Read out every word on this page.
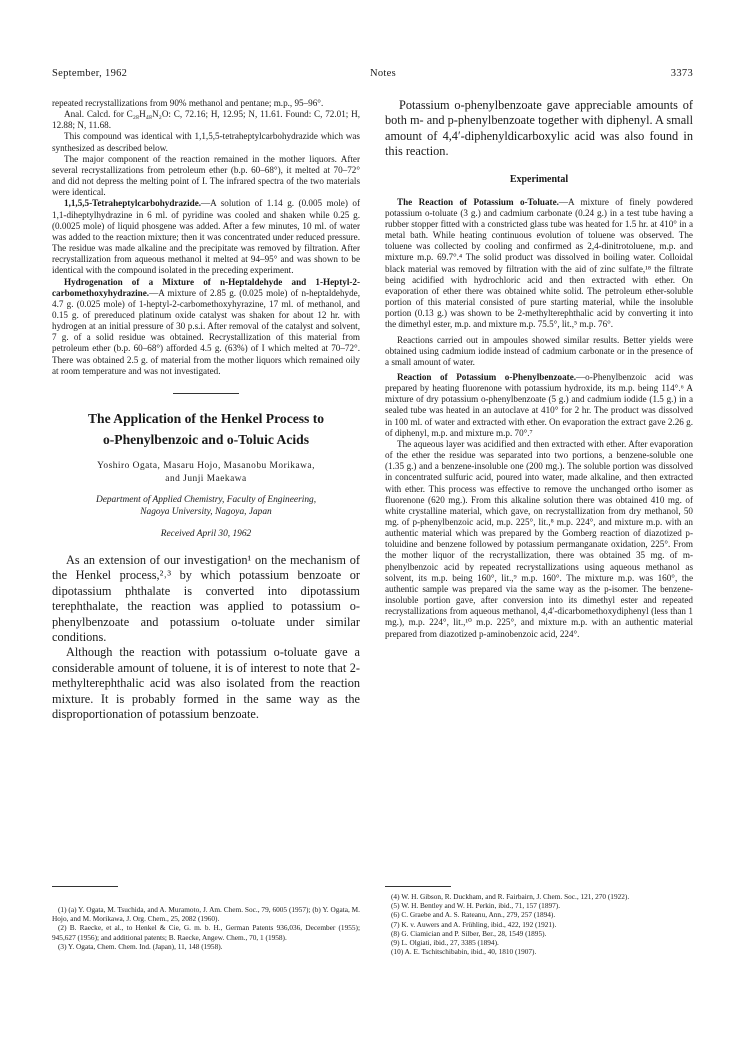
September, 1962	Notes	3373

repeated recrystallizations from 90% methanol and pentane; m.p., 95–96°.

Anal. Calcd. for C₂₈H₄₈N₂O: C, 72.16; H, 12.95; N, 11.61. Found: C, 72.01; H, 12.88; N, 11.68.

This compound was identical with 1,1,5,5-tetraheptylcarbohydrazide which was synthesized as described below.

The major component of the reaction remained in the mother liquors. After several recrystallizations from petroleum ether (b.p. 60–68°), it melted at 70–72° and did not depress the melting point of I. The infrared spectra of the two materials were identical.

1,1,5,5-Tetraheptylcarbohydrazide.—A solution of 1.14 g. (0.005 mole) of 1,1-diheptylhydrazine in 6 ml. of pyridine was cooled and shaken while 0.25 g. (0.0025 mole) of liquid phosgene was added. After a few minutes, 10 ml. of water was added to the reaction mixture; then it was concentrated under reduced pressure. The residue was made alkaline and the precipitate was removed by filtration. After recrystallization from aqueous methanol it melted at 94–95° and was shown to be identical with the compound isolated in the preceding experiment.

Hydrogenation of a Mixture of n-Heptaldehyde and 1-Heptyl-2-carbomethoxyhydrazine.—A mixture of 2.85 g. (0.025 mole) of n-heptaldehyde, 4.7 g. (0.025 mole) of 1-heptyl-2-carbomethoxyhyrazine, 17 ml. of methanol, and 0.15 g. of prereduced platinum oxide catalyst was shaken for about 12 hr. with hydrogen at an initial pressure of 30 p.s.i. After removal of the catalyst and solvent, 7 g. of a solid residue was obtained. Recrystallization of this material from petroleum ether (b.p. 60–68°) afforded 4.5 g. (63%) of I which melted at 70–72°. There was obtained 2.5 g. of material from the mother liquors which remained oily at room temperature and was not investigated.

The Application of the Henkel Process to
o-Phenylbenzoic and o-Toluic Acids
Yoshiro Ogata, Masaru Hojo, Masanobu Morikawa,
and Junji Maekawa
Department of Applied Chemistry, Faculty of Engineering,
Nagoya University, Nagoya, Japan
Received April 30, 1962

As an extension of our investigation¹ on the mechanism of the Henkel process,²˒³ by which potassium benzoate or dipotassium phthalate is converted into dipotassium terephthalate, the reaction was applied to potassium o-phenylbenzoate and potassium o-toluate under similar conditions.

Although the reaction with potassium o-toluate gave a considerable amount of toluene, it is of interest to note that 2-methylterephthalic acid was also isolated from the reaction mixture. It is probably formed in the same way as the disproportionation of potassium benzoate.

Potassium o-phenylbenzoate gave appreciable amounts of both m- and p-phenylbenzoate together with diphenyl. A small amount of 4,4′-diphenyldicarboxylic acid was also found in this reaction.

Experimental

The Reaction of Potassium o-Toluate.—A mixture of finely powdered potassium o-toluate (3 g.) and cadmium carbonate (0.24 g.) in a test tube having a rubber stopper fitted with a constricted glass tube was heated for 1.5 hr. at 410° in a metal bath. While heating continuous evolution of toluene was observed. The toluene was collected by cooling and confirmed as 2,4-dinitrotoluene, m.p. and mixture m.p. 69.7°.⁴ The solid product was dissolved in boiling water. Colloidal black material was removed by filtration with the aid of zinc sulfate,¹⁸ the filtrate being acidified with hydrochloric acid and then extracted with ether. On evaporation of ether there was obtained white solid. The petroleum ether-soluble portion of this material consisted of pure starting material, while the insoluble portion (0.13 g.) was shown to be 2-methylterephthalic acid by converting it into the dimethyl ester, m.p. and mixture m.p. 75.5°, lit.,⁵ m.p. 76°.

Reactions carried out in ampoules showed similar results. Better yields were obtained using cadmium iodide instead of cadmium carbonate or in the presence of a small amount of water.

Reaction of Potassium o-Phenylbenzoate.—o-Phenylbenzoic acid was prepared by heating fluorenone with potassium hydroxide, its m.p. being 114°.⁶ A mixture of dry potassium o-phenylbenzoate (5 g.) and cadmium iodide (1.5 g.) in a sealed tube was heated in an autoclave at 410° for 2 hr. The product was dissolved in 100 ml. of water and extracted with ether. On evaporation the extract gave 2.26 g. of diphenyl, m.p. and mixture m.p. 70°.⁷

The aqueous layer was acidified and then extracted with ether. After evaporation of the ether the residue was separated into two portions, a benzene-soluble one (1.35 g.) and a benzene-insoluble one (200 mg.). The soluble portion was dissolved in concentrated sulfuric acid, poured into water, made alkaline, and then extracted with ether. This process was effective to remove the unchanged ortho isomer as fluorenone (620 mg.). From this alkaline solution there was obtained 410 mg. of white crystalline material, which gave, on recrystallization from dry methanol, 50 mg. of p-phenylbenzoic acid, m.p. 225°, lit.,⁸ m.p. 224°, and mixture m.p. with an authentic material which was prepared by the Gomberg reaction of diazotized p-toluidine and benzene followed by potassium permanganate oxidation, 225°. From the mother liquor of the recrystallization, there was obtained 35 mg. of m-phenylbenzoic acid by repeated recrystallizations using aqueous methanol as solvent, its m.p. being 160°, lit.,⁹ m.p. 160°. The mixture m.p. was 160°, the authentic sample was prepared via the same way as the p-isomer. The benzene-insoluble portion gave, after conversion into its dimethyl ester and repeated recrystallizations from aqueous methanol, 4,4′-dicarbomethoxydiphenyl (less than 1 mg.), m.p. 224°, lit.,¹⁰ m.p. 225°, and mixture m.p. with an authentic material prepared from diazotized p-aminobenzoic acid, 224°.

(1) (a) Y. Ogata, M. Tsuchida, and A. Muramoto, J. Am. Chem. Soc., 79, 6005 (1957); (b) Y. Ogata, M. Hojo, and M. Morikawa, J. Org. Chem., 25, 2082 (1960).
(2) B. Raecke, et al., to Henkel & Cie, G. m. b. H., German Patents 936,036, December (1955); 945,627 (1956); and additional patents; B. Raecke, Angew. Chem., 70, 1 (1958).
(3) Y. Ogata, Chem. Chem. Ind. (Japan), 11, 148 (1958).
(4) W. H. Gibson, R. Duckham, and R. Fairbairn, J. Chem. Soc., 121, 270 (1922).
(5) W. H. Bentley and W. H. Perkin, ibid., 71, 157 (1897).
(6) C. Graebe and A. S. Rateanu, Ann., 279, 257 (1894).
(7) K. v. Auwers and A. Frühling, ibid., 422, 192 (1921).
(8) G. Ciamician and P. Silber, Ber., 28, 1549 (1895).
(9) L. Olgiati, ibid., 27, 3385 (1894).
(10) A. E. Tschitschibabin, ibid., 40, 1810 (1907).
